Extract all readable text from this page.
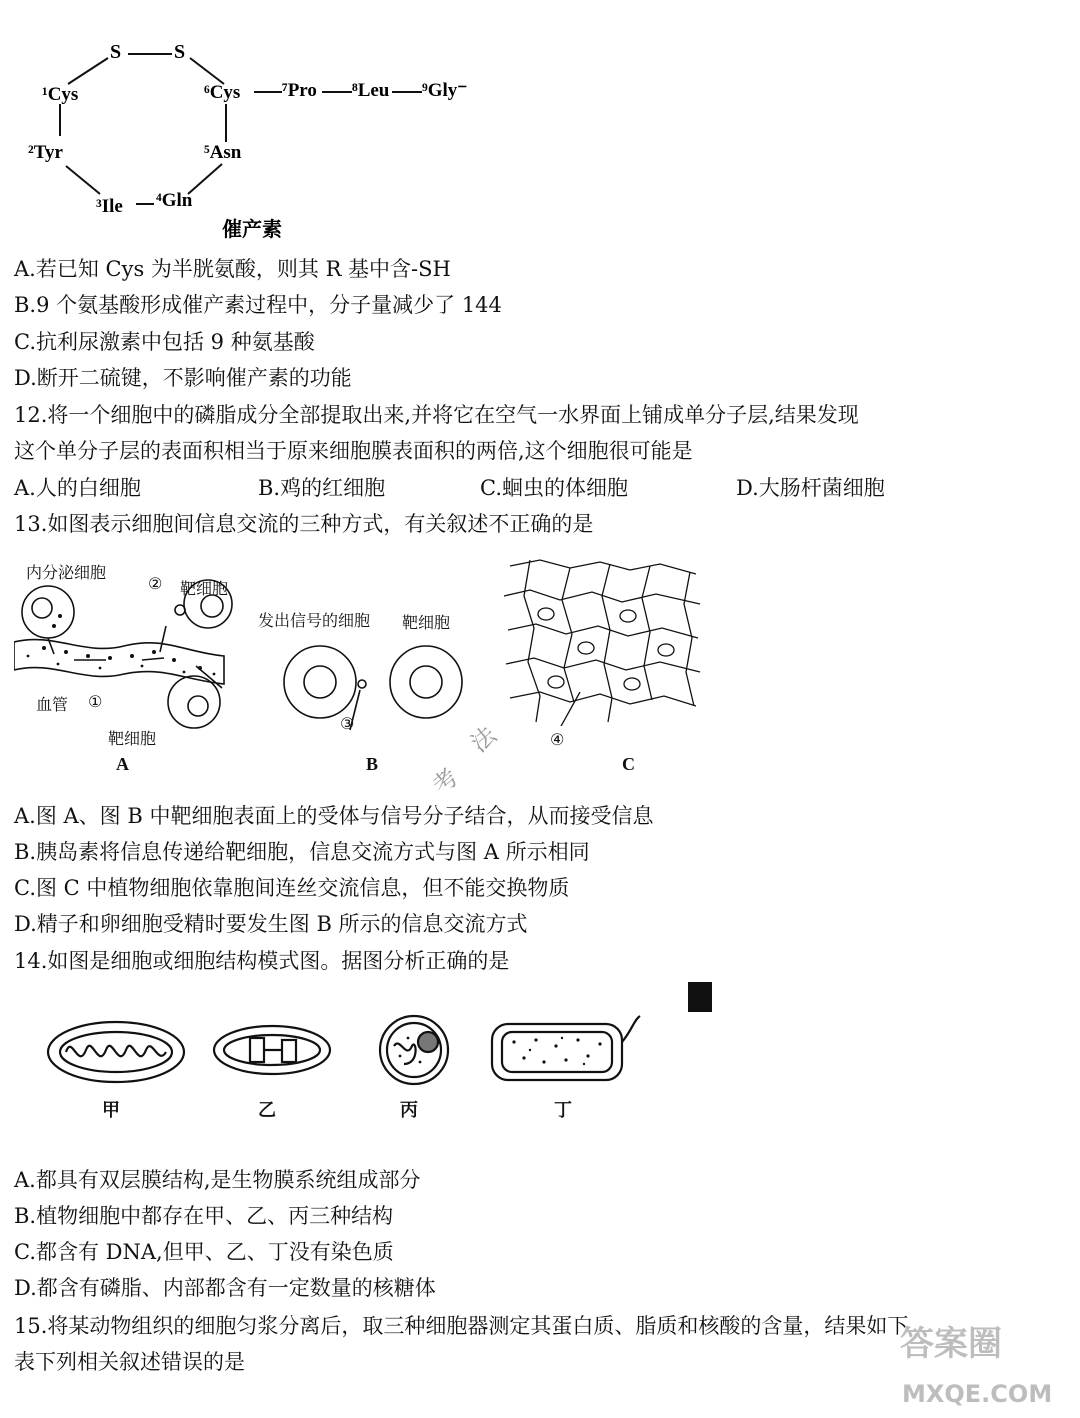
S	S
¹Cys	⁶Cys ⁷Pro ⁸Leu ⁹Gly⁻
²Tyr	⁵Asn
³Ile ⁴Gln
催产素
A.若已知 Cys 为半胱氨酸，则其 R 基中含-SH
B.9 个氨基酸形成催产素过程中，分子量减少了 144
C.抗利尿激素中包括 9 种氨基酸
D.断开二硫键，不影响催产素的功能
12.将一个细胞中的磷脂成分全部提取出来,并将它在空气一水界面上铺成单分子层,结果发现
这个单分子层的表面积相当于原来细胞膜表面积的两倍,这个细胞很可能是
A.人的白细胞	B.鸡的红细胞	C.蛔虫的体细胞	D.大肠杆菌细胞
13.如图表示细胞间信息交流的三种方式，有关叙述不正确的是
内分泌细胞
② 靶细胞
血管 ①
靶细胞
A
发出信号的细胞 靶细胞
③
B
④
C
A.图 A、图 B 中靶细胞表面上的受体与信号分子结合，从而接受信息
B.胰岛素将信息传递给靶细胞，信息交流方式与图 A 所示相同
C.图 C 中植物细胞依靠胞间连丝交流信息，但不能交换物质
D.精子和卵细胞受精时要发生图 B 所示的信息交流方式
14.如图是细胞或细胞结构模式图。据图分析正确的是
甲	乙	丙	丁
A.都具有双层膜结构,是生物膜系统组成部分
B.植物细胞中都存在甲、乙、丙三种结构
C.都含有 DNA,但甲、乙、丁没有染色质
D.都含有磷脂、内部都含有一定数量的核糖体
15.将某动物组织的细胞匀浆分离后，取三种细胞器测定其蛋白质、脂质和核酸的含量，结果如下
表下列相关叙述错误的是
法
考
答案圈
MXQE.COM
